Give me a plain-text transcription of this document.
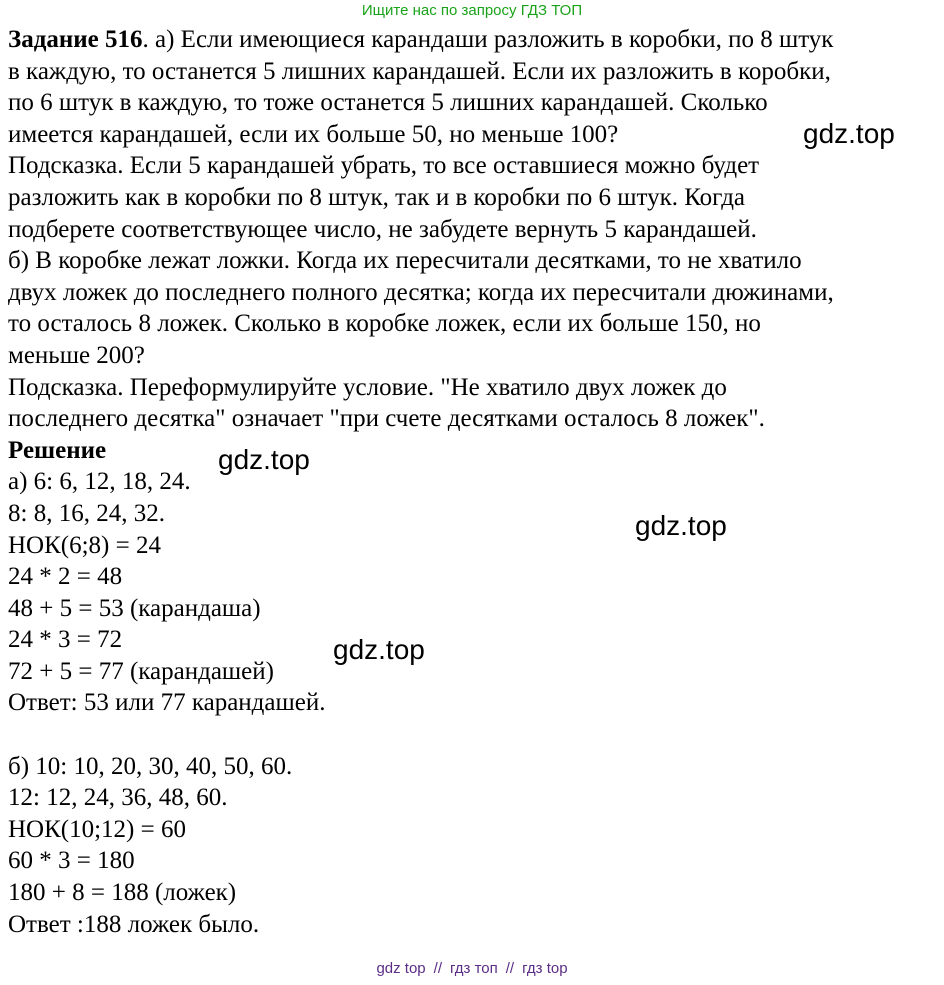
Ищите нас по запросу ГДЗ ТОП
Задание 516. а) Если имеющиеся карандаши разложить в коробки, по 8 штук
в каждую, то останется 5 лишних карандашей. Если их разложить в коробки,
по 6 штук в каждую, то тоже останется 5 лишних карандашей. Сколько
имеется карандашей, если их больше 50, но меньше 100?
Подсказка. Если 5 карандашей убрать, то все оставшиеся можно будет
разложить как в коробки по 8 штук, так и в коробки по 6 штук. Когда
подберете соответствующее число, не забудете вернуть 5 карандашей.
б) В коробке лежат ложки. Когда их пересчитали десятками, то не хватило
двух ложек до последнего полного десятка; когда их пересчитали дюжинами,
то осталось 8 ложек. Сколько в коробке ложек, если их больше 150, но
меньше 200?
Подсказка. Переформулируйте условие. "Не хватило двух ложек до
последнего десятка" означает "при счете десятками осталось 8 ложек".
Решение
а) 6: 6, 12, 18, 24.
8: 8, 16, 24, 32.
НОК(6;8) = 24
24 * 2 = 48
48 + 5 = 53 (карандаша)
24 * 3 = 72
72 + 5 = 77 (карандашей)
Ответ: 53 или 77 карандашей.
б) 10: 10, 20, 30, 40, 50, 60.
12: 12, 24, 36, 48, 60.
НОК(10;12) = 60
60 * 3 = 180
180 + 8 = 188 (ложек)
Ответ :188 ложек было.
gdz.top
gdz.top
gdz.top
gdz.top
gdz top // гдз топ // гдз top
